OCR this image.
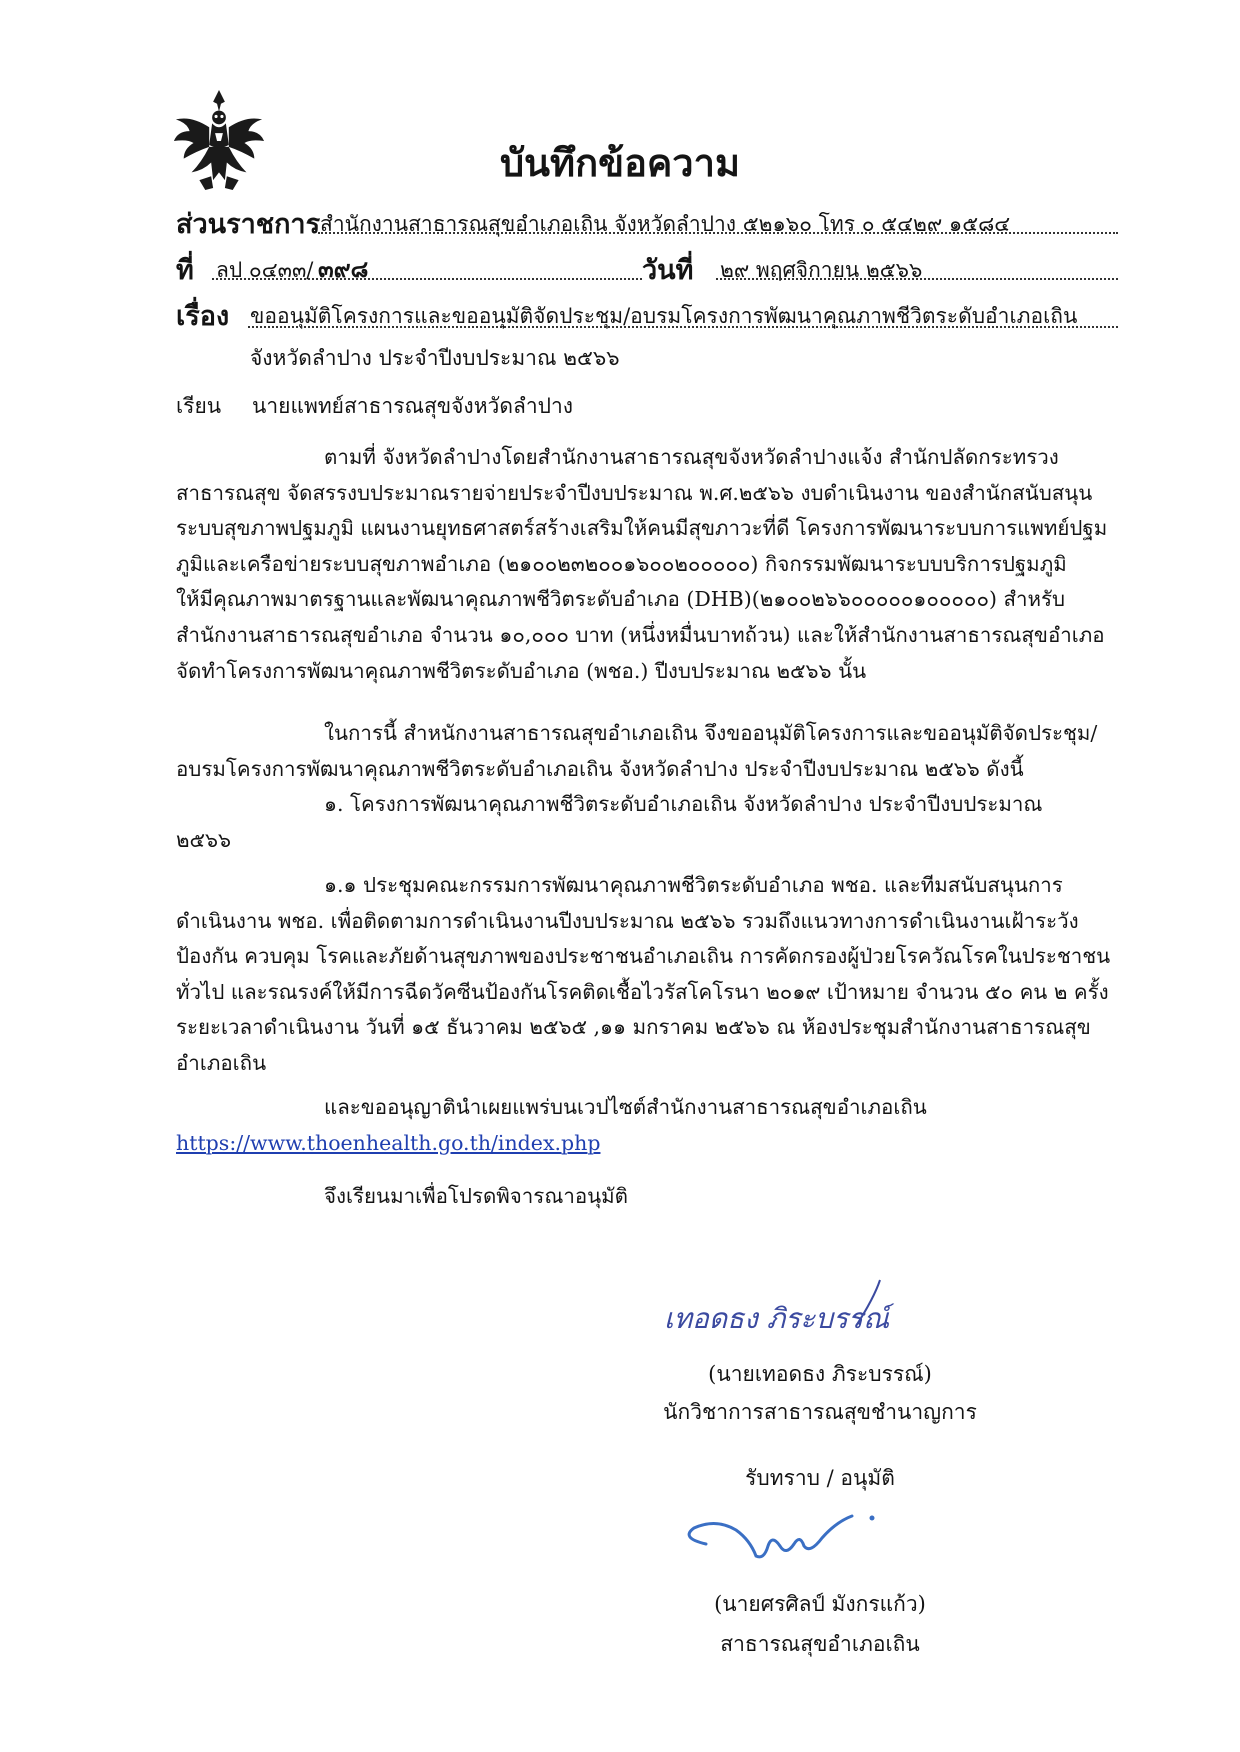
บันทึกข้อความ
ส่วนราชการ สำนักงานสาธารณสุขอำเภอเถิน จังหวัดลำปาง ๕๒๑๖๐ โทร ๐ ๕๔๒๙ ๑๕๘๔
ที่ ลป ๐๔๓๓/ ๓๙๘	วันที่ ๒๙ พฤศจิกายน ๒๕๖๖
เรื่อง ขออนุมัติโครงการและขออนุมัติจัดประชุม/อบรมโครงการพัฒนาคุณภาพชีวิตระดับอำเภอเถิน
จังหวัดลำปาง ประจำปีงบประมาณ ๒๕๖๖
เรียน นายแพทย์สาธารณสุขจังหวัดลำปาง
ตามที่ จังหวัดลำปางโดยสำนักงานสาธารณสุขจังหวัดลำปางแจ้ง สำนักปลัดกระทรวง
สาธารณสุข จัดสรรงบประมาณรายจ่ายประจำปีงบประมาณ พ.ศ.๒๕๖๖ งบดำเนินงาน ของสำนักสนับสนุน
ระบบสุขภาพปฐมภูมิ แผนงานยุทธศาสตร์สร้างเสริมให้คนมีสุขภาวะที่ดี โครงการพัฒนาระบบการแพทย์ปฐม
ภูมิและเครือข่ายระบบสุขภาพอำเภอ (๒๑๐๐๒๓๒๐๐๑๖๐๐๒๐๐๐๐๐) กิจกรรมพัฒนาระบบบริการปฐมภูมิ
ให้มีคุณภาพมาตรฐานและพัฒนาคุณภาพชีวิตระดับอำเภอ (DHB)(๒๑๐๐๒๖๖๐๐๐๐๐๑๐๐๐๐๐) สำหรับ
สำนักงานสาธารณสุขอำเภอ จำนวน ๑๐,๐๐๐ บาท (หนึ่งหมื่นบาทถ้วน) และให้สำนักงานสาธารณสุขอำเภอ
จัดทำโครงการพัฒนาคุณภาพชีวิตระดับอำเภอ (พชอ.) ปีงบประมาณ ๒๕๖๖ นั้น
ในการนี้ สำหนักงานสาธารณสุขอำเภอเถิน จึงขออนุมัติโครงการและขออนุมัติจัดประชุม/
อบรมโครงการพัฒนาคุณภาพชีวิตระดับอำเภอเถิน จังหวัดลำปาง ประจำปีงบประมาณ ๒๕๖๖ ดังนี้
๑. โครงการพัฒนาคุณภาพชีวิตระดับอำเภอเถิน จังหวัดลำปาง ประจำปีงบประมาณ
๒๕๖๖
๑.๑ ประชุมคณะกรรมการพัฒนาคุณภาพชีวิตระดับอำเภอ พชอ. และทีมสนับสนุนการ
ดำเนินงาน พชอ. เพื่อติดตามการดำเนินงานปีงบประมาณ ๒๕๖๖ รวมถึงแนวทางการดำเนินงานเฝ้าระวัง
ป้องกัน ควบคุม โรคและภัยด้านสุขภาพของประชาชนอำเภอเถิน การคัดกรองผู้ป่วยโรควัณโรคในประชาชน
ทั่วไป และรณรงค์ให้มีการฉีดวัคซีนป้องกันโรคติดเชื้อไวรัสโคโรนา ๒๐๑๙ เป้าหมาย จำนวน ๕๐ คน ๒ ครั้ง
ระยะเวลาดำเนินงาน วันที่ ๑๕ ธันวาคม ๒๕๖๕ ,๑๑ มกราคม ๒๕๖๖ ณ ห้องประชุมสำนักงานสาธารณสุข
อำเภอเถิน
และขออนุญาตินำเผยแพร่บนเวปไซต์สำนักงานสาธารณสุขอำเภอเถิน
https://www.thoenhealth.go.th/index.php
จึงเรียนมาเพื่อโปรดพิจารณาอนุมัติ
เทอดธง ภิระบรรณ์
(นายเทอดธง ภิระบรรณ์)
นักวิชาการสาธารณสุขชำนาญการ
รับทราบ / อนุมัติ
(นายศรศิลป์ มังกรแก้ว)
สาธารณสุขอำเภอเถิน
